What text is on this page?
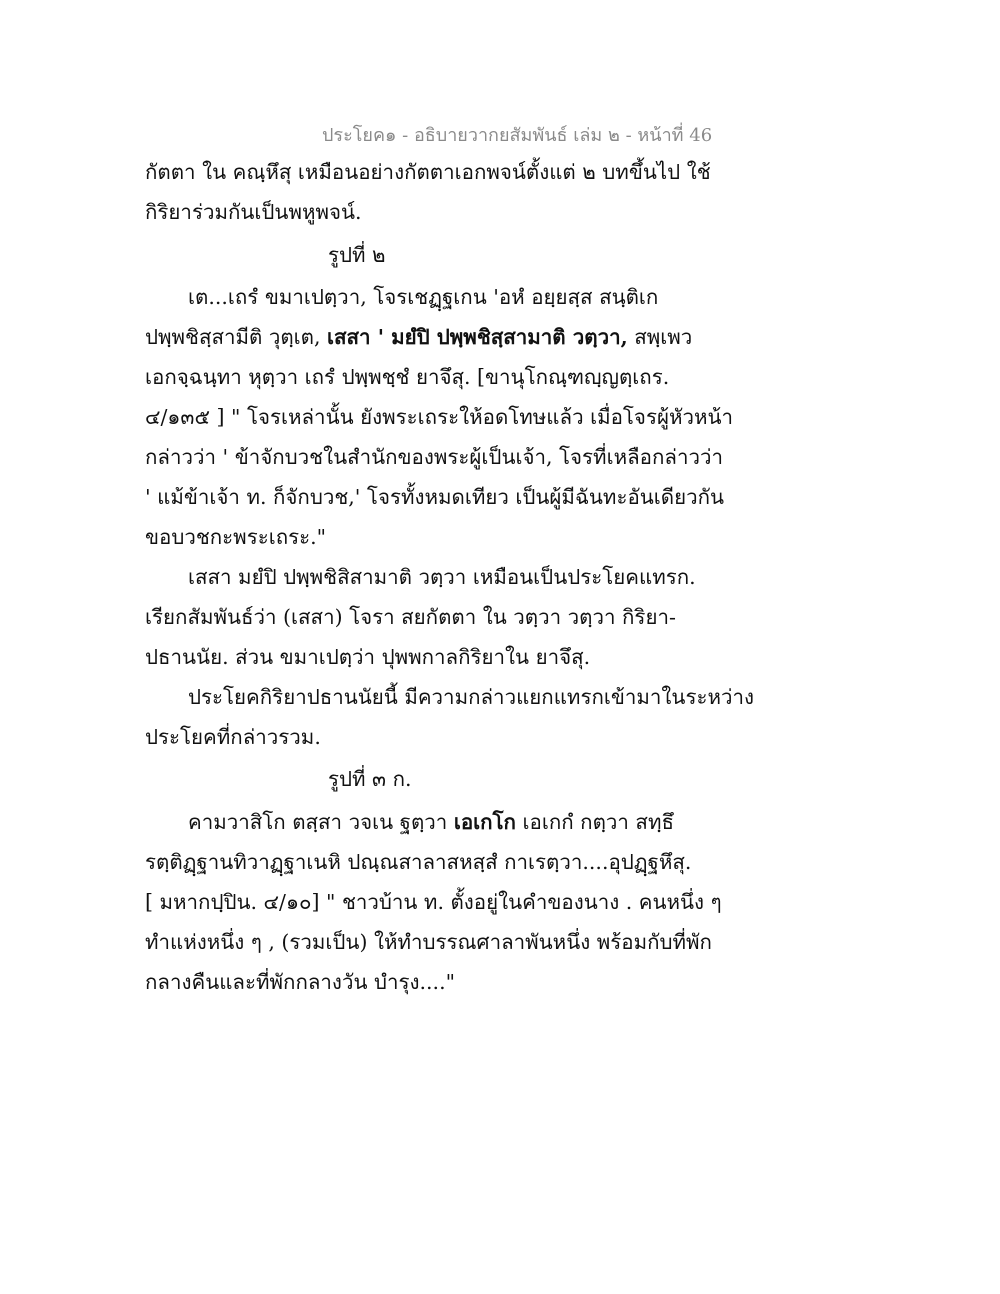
ประโยค๑ - อธิบายวากยสัมพันธ์ เล่ม ๒ - หน้าที่ 46
กัตตา ใน คณฺหึสุ เหมือนอย่างกัตตาเอกพจน์ตั้งแต่ ๒ บทขึ้นไป ใช้
กิริยาร่วมกันเป็นพหูพจน์.
รูปที่ ๒
เต...เถรํ ขมาเปตฺวา, โจรเชฏฺฐเกน 'อหํ อยฺยสฺส สนฺติเก
ปพฺพชิสฺสามีติ วุตฺเต, เสสา ' มยํปิ ปพฺพชิสฺสามาติ วตฺวา, สพฺเพว
เอกจฺฉนฺทา หุตฺวา เถรํ ปพฺพชฺชํ ยาจึสุ. [ขานุโกณฺฑญฺญตฺเถร.
๔/๑๓๕ ] " โจรเหล่านั้น ยังพระเถระให้อดโทษแล้ว เมื่อโจรผู้หัวหน้า
กล่าวว่า ' ข้าจักบวชในสำนักของพระผู้เป็นเจ้า, โจรที่เหลือกล่าวว่า
' แม้ข้าเจ้า ท. ก็จักบวช,' โจรทั้งหมดเทียว เป็นผู้มีฉันทะอันเดียวกัน
ขอบวชกะพระเถระ."
เสสา มยํปิ ปพฺพชิสิสามาติ วตฺวา เหมือนเป็นประโยคแทรก.
เรียกสัมพันธ์ว่า (เสสา) โจรา สยกัตตา ใน วตฺวา วตฺวา กิริยา-
ปธานนัย. ส่วน ขมาเปตฺว่า ปุพพกาลกิริยาใน ยาจึสุ.
ประโยคกิริยาปธานนัยนี้ มีความกล่าวแยกแทรกเข้ามาในระหว่าง
ประโยคที่กล่าวรวม.
รูปที่ ๓ ก.
คามวาสิโก ตสฺสา วจเน ฐตฺวา เอเกโก เอเกกํ กตฺวา สทฺธึ
รตฺติฏฺฐานทิวาฏฺฐาเนหิ ปณฺณสาลาสหสฺสํ กาเรตฺวา....อุปฏฺฐหึสุ.
[ มหากปฺปิน. ๔/๑๐] " ชาวบ้าน ท. ตั้งอยู่ในคำของนาง . คนหนึ่ง ๆ
ทำแห่งหนึ่ง ๆ , (รวมเป็น) ให้ทำบรรณศาลาพันหนึ่ง พร้อมกับที่พัก
กลางคืนและที่พักกลางวัน บำรุง...."
